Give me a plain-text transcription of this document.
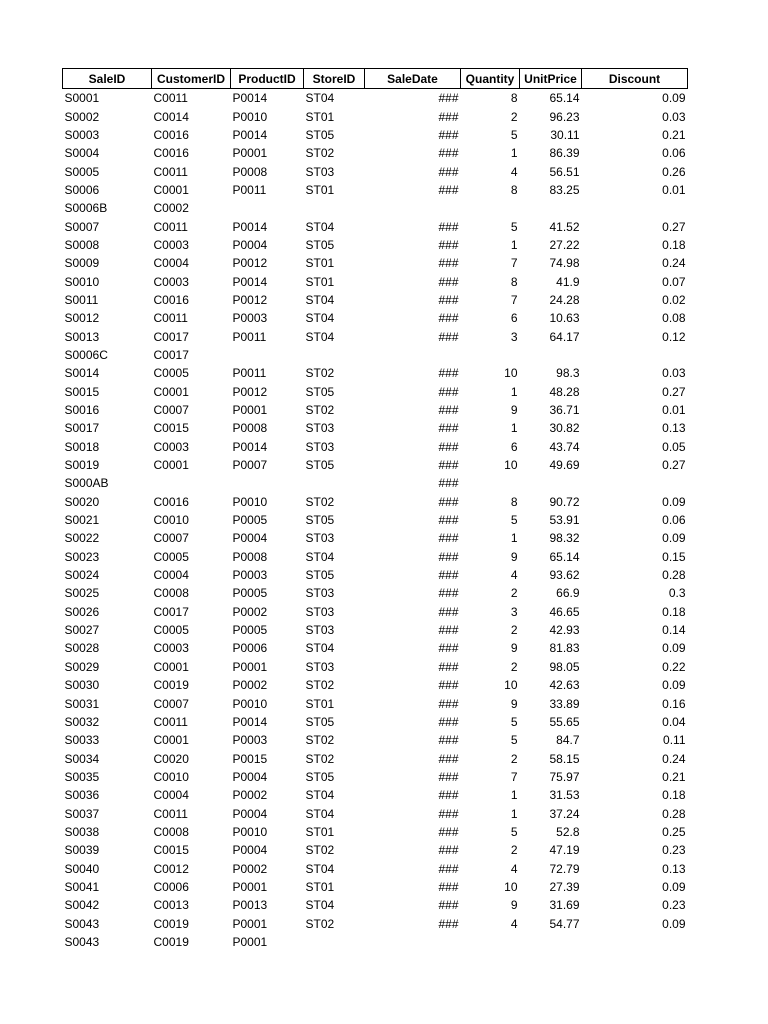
SaleID	CustomerID	ProductID	StoreID	SaleDate	Quantity	UnitPrice	Discount
S0001	C0011	P0014	ST04	###	8	65.14	0.09
S0002	C0014	P0010	ST01	###	2	96.23	0.03
S0003	C0016	P0014	ST05	###	5	30.11	0.21
S0004	C0016	P0001	ST02	###	1	86.39	0.06
S0005	C0011	P0008	ST03	###	4	56.51	0.26
S0006	C0001	P0011	ST01	###	8	83.25	0.01
S0006B	C0002						
S0007	C0011	P0014	ST04	###	5	41.52	0.27
S0008	C0003	P0004	ST05	###	1	27.22	0.18
S0009	C0004	P0012	ST01	###	7	74.98	0.24
S0010	C0003	P0014	ST01	###	8	41.9	0.07
S0011	C0016	P0012	ST04	###	7	24.28	0.02
S0012	C0011	P0003	ST04	###	6	10.63	0.08
S0013	C0017	P0011	ST04	###	3	64.17	0.12
S0006C	C0017						
S0014	C0005	P0011	ST02	###	10	98.3	0.03
S0015	C0001	P0012	ST05	###	1	48.28	0.27
S0016	C0007	P0001	ST02	###	9	36.71	0.01
S0017	C0015	P0008	ST03	###	1	30.82	0.13
S0018	C0003	P0014	ST03	###	6	43.74	0.05
S0019	C0001	P0007	ST05	###	10	49.69	0.27
S000AB				###			
S0020	C0016	P0010	ST02	###	8	90.72	0.09
S0021	C0010	P0005	ST05	###	5	53.91	0.06
S0022	C0007	P0004	ST03	###	1	98.32	0.09
S0023	C0005	P0008	ST04	###	9	65.14	0.15
S0024	C0004	P0003	ST05	###	4	93.62	0.28
S0025	C0008	P0005	ST03	###	2	66.9	0.3
S0026	C0017	P0002	ST03	###	3	46.65	0.18
S0027	C0005	P0005	ST03	###	2	42.93	0.14
S0028	C0003	P0006	ST04	###	9	81.83	0.09
S0029	C0001	P0001	ST03	###	2	98.05	0.22
S0030	C0019	P0002	ST02	###	10	42.63	0.09
S0031	C0007	P0010	ST01	###	9	33.89	0.16
S0032	C0011	P0014	ST05	###	5	55.65	0.04
S0033	C0001	P0003	ST02	###	5	84.7	0.11
S0034	C0020	P0015	ST02	###	2	58.15	0.24
S0035	C0010	P0004	ST05	###	7	75.97	0.21
S0036	C0004	P0002	ST04	###	1	31.53	0.18
S0037	C0011	P0004	ST04	###	1	37.24	0.28
S0038	C0008	P0010	ST01	###	5	52.8	0.25
S0039	C0015	P0004	ST02	###	2	47.19	0.23
S0040	C0012	P0002	ST04	###	4	72.79	0.13
S0041	C0006	P0001	ST01	###	10	27.39	0.09
S0042	C0013	P0013	ST04	###	9	31.69	0.23
S0043	C0019	P0001	ST02	###	4	54.77	0.09
S0043	C0019	P0001					
